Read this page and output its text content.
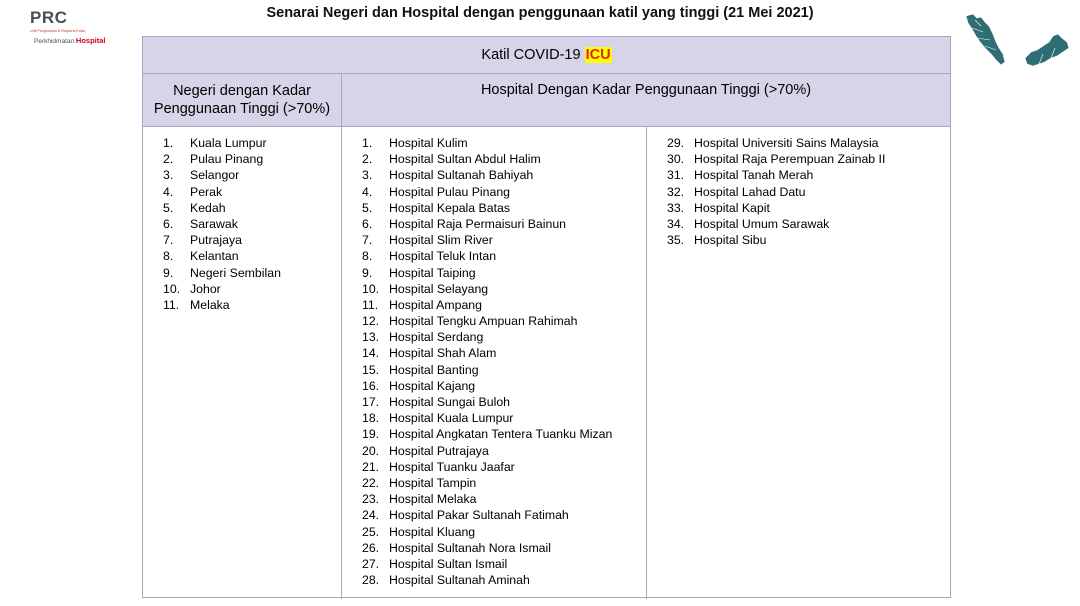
PRC
Unit Pengurusan & Respons Krisis
Perkhidmatan Hospital
Senarai Negeri dan Hospital dengan penggunaan katil yang tinggi (21 Mei 2021)
Katil COVID-19 ICU
Negeri dengan Kadar Penggunaan Tinggi (>70%)
Hospital Dengan Kadar Penggunaan Tinggi (>70%)
1. Kuala Lumpur
2. Pulau Pinang
3. Selangor
4. Perak
5. Kedah
6. Sarawak
7. Putrajaya
8. Kelantan
9. Negeri Sembilan
10. Johor
11. Melaka
1. Hospital Kulim
2. Hospital Sultan Abdul Halim
3. Hospital Sultanah Bahiyah
4. Hospital Pulau Pinang
5. Hospital Kepala Batas
6. Hospital Raja Permaisuri Bainun
7. Hospital Slim River
8. Hospital Teluk Intan
9. Hospital Taiping
10. Hospital Selayang
11. Hospital Ampang
12. Hospital Tengku Ampuan Rahimah
13. Hospital Serdang
14. Hospital Shah Alam
15. Hospital Banting
16. Hospital Kajang
17. Hospital Sungai Buloh
18. Hospital Kuala Lumpur
19. Hospital Angkatan Tentera Tuanku Mizan
20. Hospital Putrajaya
21. Hospital Tuanku Jaafar
22. Hospital Tampin
23. Hospital Melaka
24. Hospital Pakar Sultanah Fatimah
25. Hospital Kluang
26. Hospital Sultanah Nora Ismail
27. Hospital Sultan Ismail
28. Hospital Sultanah Aminah
29. Hospital Universiti Sains Malaysia
30. Hospital Raja Perempuan Zainab II
31. Hospital Tanah Merah
32. Hospital Lahad Datu
33. Hospital Kapit
34. Hospital Umum Sarawak
35. Hospital Sibu
